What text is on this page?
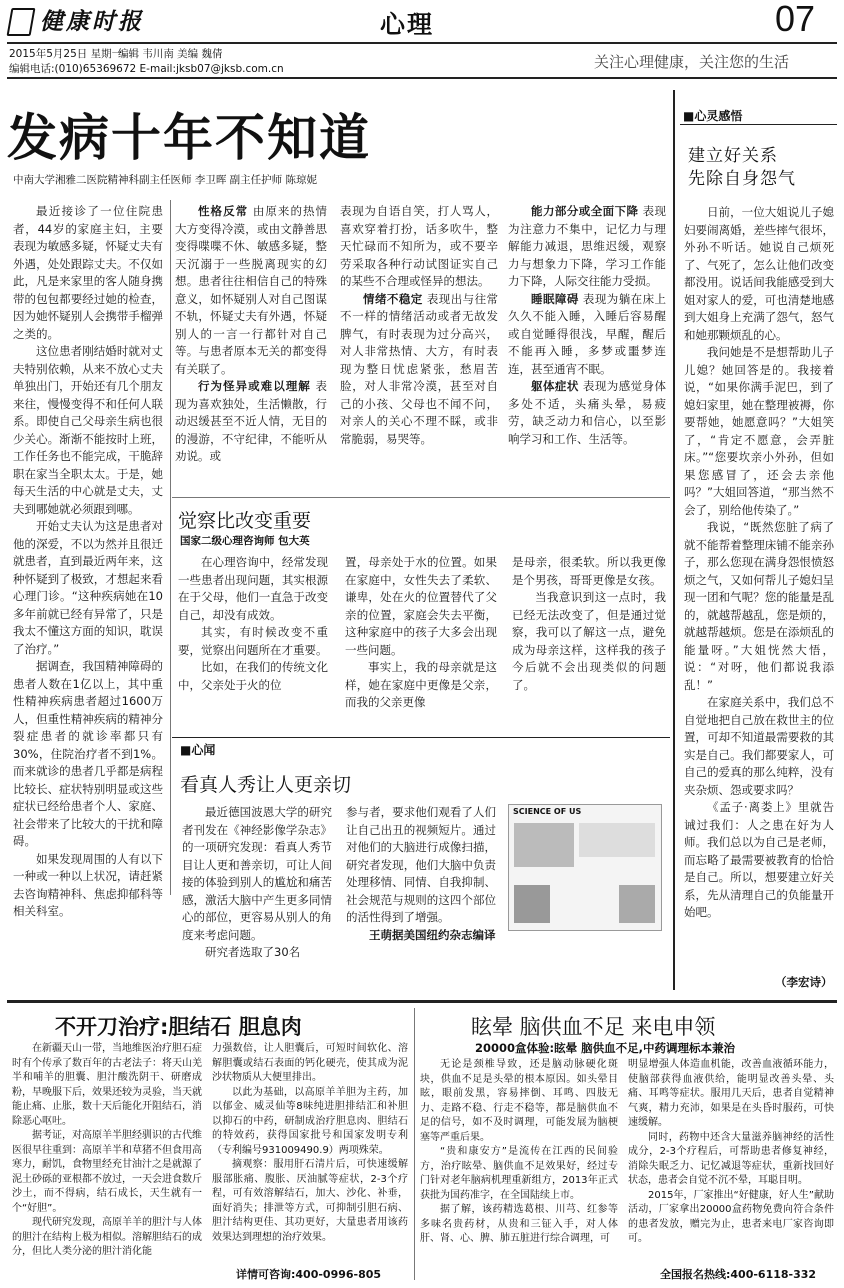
健康时报	心理	07
2015年5月25日 星期一
编辑 韦川南 美编 魏倩
编辑电话:(010)65369672 E-mail:jksb07@jksb.com.cn	关注心理健康，关注您的生活
发病十年不知道
中南大学湘雅二医院精神科副主任医师 李卫晖 副主任护师 陈琼妮

最近接诊了一位住院患者，44岁的家庭主妇，主要表现为敏感多疑，怀疑丈夫有外遇，处处跟踪丈夫。不仅如此，凡是来家里的客人随身携带的包包都要经过她的检查，因为她怀疑别人会携带手榴弹之类的。

这位患者刚结婚时就对丈夫特别依赖，从来不放心丈夫单独出门，开始还有几个朋友来往，慢慢变得不和任何人联系。即使自己父母亲生病也很少关心。渐渐不能按时上班，工作任务也不能完成，干脆辞职在家当全职太太。于是，她每天生活的中心就是丈夫，丈夫到哪她就必须跟到哪。

开始丈夫认为这是患者对他的深爱，不以为然并且很迁就患者，直到最近两年来，这种怀疑到了极致，才想起来看心理门诊。“这种疾病她在10多年前就已经有异常了，只是我太不懂这方面的知识，耽误了治疗。”

据调查，我国精神障碍的患者人数在1亿以上，其中重性精神疾病患者超过1600万人，但重性精神疾病的精神分裂症患者的就诊率都只有30%，住院治疗者不到1%。而来就诊的患者几乎都是病程比较长、症状特别明显或这些症状已经给患者个人、家庭、社会带来了比较大的干扰和障碍。

如果发现周围的人有以下一种或一种以上状况，请赶紧去咨询精神科、焦虑抑郁科等相关科室。

性格反常 由原来的热情大方变得冷漠，或由文静善思变得喋喋不休、敏感多疑，整天沉溺于一些脱离现实的幻想。患者往往相信自己的特殊意义，如怀疑别人对自己图谋不轨，怀疑丈夫有外遇，怀疑别人的一言一行都针对自己等。与患者原本无关的都变得有关联了。

行为怪异或难以理解 表现为喜欢独处，生活懒散，行动迟缓甚至不近人情，无目的的漫游，不守纪律，不能听从劝说。或

表现为自语自笑，打人骂人，喜欢穿着打扮，话多吹牛，整天忙碌而不知所为，或不要辛劳采取各种行动试图证实自己的某些不合理或怪异的想法。

情绪不稳定 表现出与往常不一样的情绪活动或者无故发脾气，有时表现为过分高兴，对人非常热情、大方，有时表现为整日忧虑紧张，愁眉苦脸，对人非常冷漠，甚至对自己的小孩、父母也不闻不问，对亲人的关心不理不睬，或非常脆弱，易哭等。

能力部分或全面下降 表现为注意力不集中，记忆力与理解能力减退，思维迟缓，观察力与想象力下降，学习工作能力下降，人际交往能力受损。

睡眠障碍 表现为躺在床上久久不能入睡，入睡后容易醒或自觉睡得很浅，早醒，醒后不能再入睡，多梦或噩梦连连，甚至通宵不眠。

躯体症状 表现为感觉身体多处不适，头痛头晕，易疲劳，缺乏动力和信心，以至影响学习和工作、生活等。

觉察比改变重要
国家二级心理咨询师 包大英

在心理咨询中，经常发现一些患者出现问题，其实根源在于父母，他们一直急于改变自己，却没有成效。

其实，有时候改变不重要，觉察出问题所在才重要。

比如，在我们的传统文化中，父亲处于火的位

置，母亲处于水的位置。如果在家庭中，女性失去了柔软、谦卑，处在火的位置替代了父亲的位置，家庭会失去平衡，这种家庭中的孩子大多会出现一些问题。

事实上，我的母亲就是这样，她在家庭中更像是父亲，而我的父亲更像

是母亲，很柔软。所以我更像是个男孩，哥哥更像是女孩。

当我意识到这一点时，我已经无法改变了，但是通过觉察，我可以了解这一点，避免成为母亲这样，这样我的孩子今后就不会出现类似的问题了。

■心闻
看真人秀让人更亲切

最近德国波恩大学的研究者刊发在《神经影像学杂志》的一项研究发现：看真人秀节目让人更和善亲切，可让人间接的体验到别人的尴尬和痛苦感，激活大脑中产生更多同情心的部位，更容易从别人的角度来考虑问题。

研究者选取了30名

参与者，要求他们观看了人们让自己出丑的视频短片。通过对他们的大脑进行成像扫描，研究者发现，他们大脑中负责处理移情、同情、自我抑制、社会规范与规则的这四个部位的活性得到了增强。

王萌据美国纽约杂志编译

SCIENCE OF US
■心灵感悟
建立好关系
先除自身怨气

日前，一位大姐说儿子媳妇要闹离婚，差些摔气很坏，外孙不听话。她说自己烦死了、气死了，怎么让他们改变都没用。说话间我能感受到大姐对家人的爱，可也清楚地感到大姐身上充满了怨气，怒气和她那颗烦乱的心。

我问她是不是想帮助儿子儿媳？她回答是的。我接着说，“如果你满手泥巴，到了媳妇家里，她在整理被褥，你要帮她，她愿意吗？”大姐笑了，“肯定不愿意，会弄脏床。”“您要坎亲小外孙，但如果您感冒了，还会去亲他吗？”大姐回答道，“那当然不会了，别给他传染了。”

我说，“既然您脏了病了就不能帮着整理床铺不能亲孙子，那么您现在满身怨恨愤怒烦之气，又如何帮儿子媳妇呈现一团和气呢？您的能量是乱的，就越帮越乱，您是烦的，就越帮越烦。您是在添烦乱的能量呀。”大姐恍然大悟，说：“对呀，他们都说我添乱！”

在家庭关系中，我们总不自觉地把自己放在救世主的位置，可却不知道最需要救的其实是自己。我们都要家人，可自己的爱真的那么纯粹，没有夹杂烦、怨或要求吗？

《孟子·离娄上》里就告诫过我们：人之患在好为人师。我们总以为自己是老师，而忘略了最需要被教育的恰恰是自己。所以，想要建立好关系，先从清理自己的负能量开始吧。

（李宏诗）
不开刀治疗:胆结石 胆息肉

在新疆天山一带，当地维医治疗胆石症时有个传承了数百年的古老法子：将天山羌半和哺羊的胆囊、胆汁酸洗阴干、研磨成粉，早晚服下后，效果还较为灵验，当天就能止痛、止胀，数十天后能化开阻结石，消除恶心呕吐。

据考证，对高原羊半胆经驯识的古代维医很早往重到：高原羊半和草猪不但食用高寒力，耐饥，食物里经充甘油汁之是就源了泥土砂砾的亚根都不放过，一天会进食数斤沙土，而不得病，结石成长，天生就有一个“好胆”。

现代研究发现，高原羊羊的胆汁与人体的胆汁在结构上极为相似。溶解胆结石的成分，但比人类分泌的胆汁消化能

力强数倍，让人胆囊后，可短时间软化、溶解胆囊或结石表面的钙化硬壳，使其成为泥沙状物质从大便里排出。

以此为基础，以高原羊羊胆为主药，加以郁金、威灵仙等8味纯进胆排结汇和补胆以抑石的中药，研制成治疗胆息肉、胆结石的特效药，获得国家批号和国家发明专利（专利编号931009490.9）两项殊荣。

摘观察：服用肝石清片后，可快速缓解服部胀痛、腹胀、厌油腻等症状，2-3个疗程，可有效溶解结石，加大、沙化、补垂，面好消失；排泄等方式，可抑制引胆石病、胆汁结构更佳、其功更好，大量患者用该药效果达到理想的治疗效果。

详情可咨询:400-0996-805
眩晕 脑供血不足 来电申领
20000盒体验:眩晕 脑供血不足,中药调理标本兼治

无论是颈椎导致，还是脑动脉硬化斑块，供血不足是头晕的根本原因。如头晕目眩，眼前发黑，容易摔倒、耳鸣、四肢无力、走路不稳、行走不稳等，都是脑供血不足的信号，如不及时调理，可能发展为脑梗塞等严重后果。

“贵和康安方”是流传在江西的民间验方，治疗眩晕、脑供血不足效果好，经过专门针对老年脑病机理重新组方，2013年正式获批为国药准字，在全国陆续上市。

据了解，该药精选葛根、川芎、红参等多味名贵药材，从贵和三钲入手，对人体肝、肾、心、脾、肺五脏进行综合调理，可

明显增强人体造血机能，改善血液循环能力，使脑部获得血液供给，能明显改善头晕、头痛、耳鸣等症状。服用几天后，患者自觉精神气爽，精力充沛，如果是在头昏时服药，可快速缓解。

同时，药物中还含大量滋养脑神经的活性成分，2-3个疗程后，可帮助患者修复神经，消除失眠乏力、记忆减退等症状，重新找回好状态，患者会自觉不沉不晕，耳聪目明。

2015年，厂家推出“好健康，好人生”献助活动，厂家拿出20000盒药物免费向符合条件的患者发放，赠完为止，患者来电厂家咨询即可。

全国报名热线:400-6118-332
